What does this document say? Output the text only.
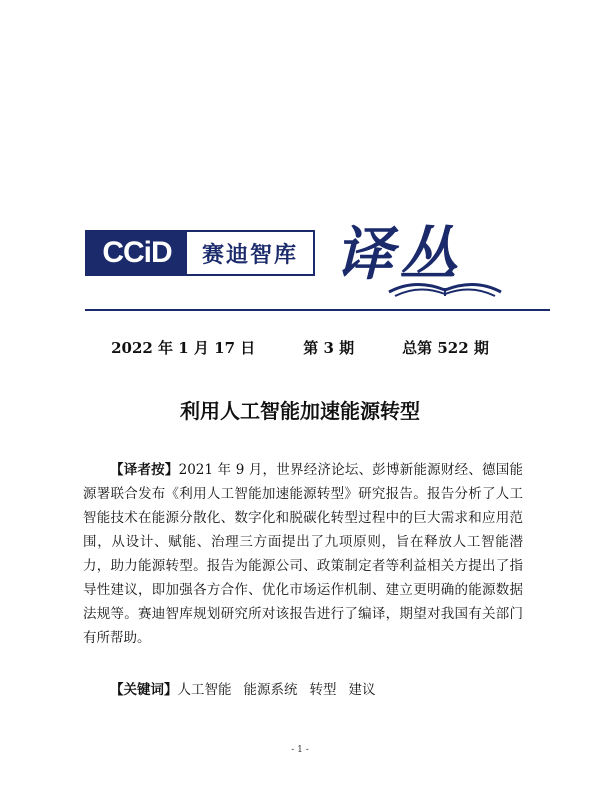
CCiD	赛迪智库 译丛
2022 年 1 月 17 日	第 3 期	总第 522 期
利用人工智能加速能源转型

【译者按】2021 年 9 月，世界经济论坛、彭博新能源财经、德国能源署联合发布《利用人工智能加速能源转型》研究报告。报告分析了人工智能技术在能源分散化、数字化和脱碳化转型过程中的巨大需求和应用范围，从设计、赋能、治理三方面提出了九项原则，旨在释放人工智能潜力，助力能源转型。报告为能源公司、政策制定者等利益相关方提出了指导性建议，即加强各方合作、优化市场运作机制、建立更明确的能源数据法规等。赛迪智库规划研究所对该报告进行了编译，期望对我国有关部门有所帮助。

【关键词】人工智能 能源系统 转型 建议
- 1 -
